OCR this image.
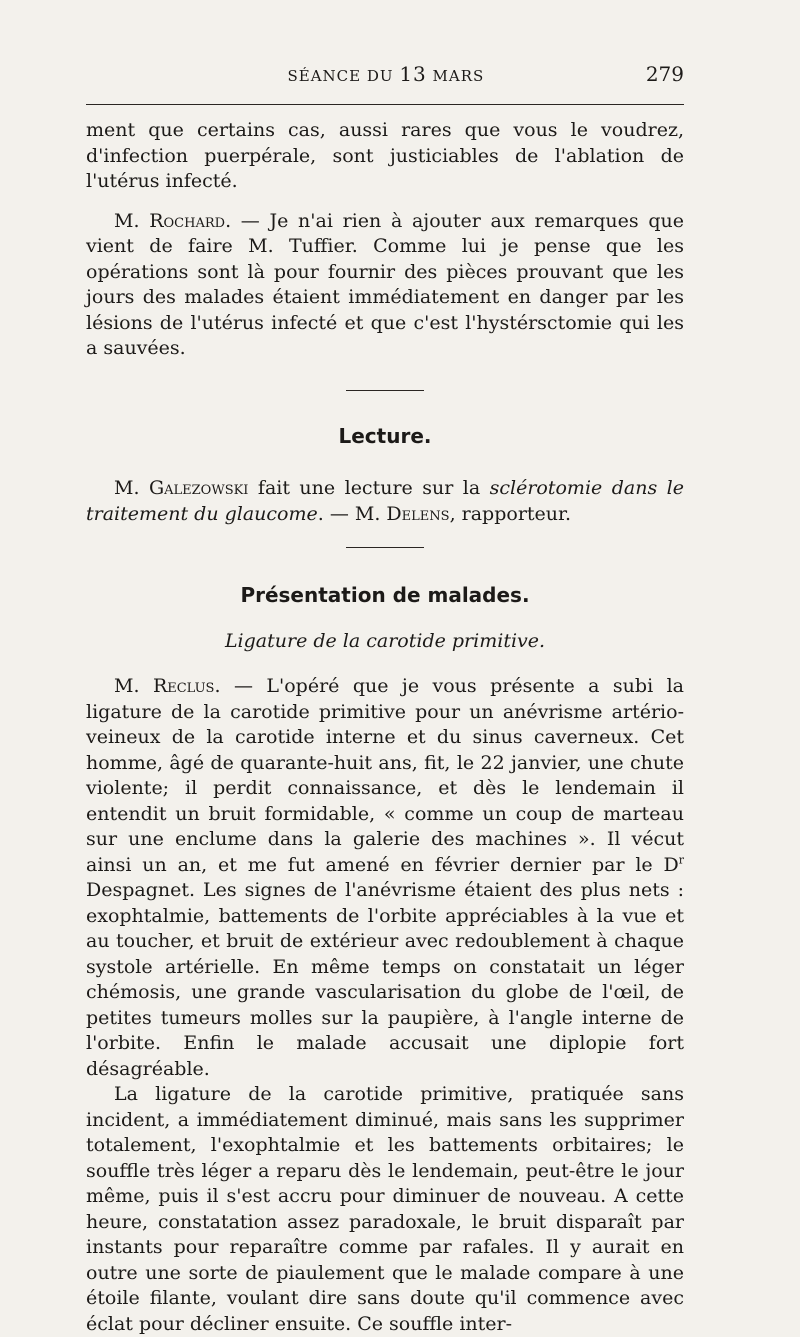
SÉANCE DU 13 MARS	279

ment que certains cas, aussi rares que vous le voudrez, d'infection puerpérale, sont justiciables de l'ablation de l'utérus infecté.

M. Rochard. — Je n'ai rien à ajouter aux remarques que vient de faire M. Tuffier. Comme lui je pense que les opérations sont là pour fournir des pièces prouvant que les jours des malades étaient immédiatement en danger par les lésions de l'utérus infecté et que c'est l'hystérsctomie qui les a sauvées.

Lecture.

M. Galezowski fait une lecture sur la sclérotomie dans le traitement du glaucome. — M. Delens, rapporteur.

Présentation de malades.

Ligature de la carotide primitive.

M. Reclus. — L'opéré que je vous présente a subi la ligature de la carotide primitive pour un anévrisme artério-veineux de la carotide interne et du sinus caverneux. Cet homme, âgé de quarante-huit ans, fit, le 22 janvier, une chute violente; il perdit connaissance, et dès le lendemain il entendit un bruit formidable, « comme un coup de marteau sur une enclume dans la galerie des machines ». Il vécut ainsi un an, et me fut amené en février dernier par le $D^r$ Despagnet. Les signes de l'anévrisme étaient des plus nets : exophtalmie, battements de l'orbite appréciables à la vue et au toucher, et bruit de extérieur avec redoublement à chaque systole artérielle. En même temps on constatait un léger chémosis, une grande vascularisation du globe de l'œil, de petites tumeurs molles sur la paupière, à l'angle interne de l'orbite. Enfin le malade accusait une diplopie fort désagréable.

La ligature de la carotide primitive, pratiquée sans incident, a immédiatement diminué, mais sans les supprimer totalement, l'exophtalmie et les battements orbitaires; le souffle très léger a reparu dès le lendemain, peut-être le jour même, puis il s'est accru pour diminuer de nouveau. A cette heure, constatation assez paradoxale, le bruit disparaît par instants pour reparaître comme par rafales. Il y aurait en outre une sorte de piaulement que le malade compare à une étoile filante, voulant dire sans doute qu'il commence avec éclat pour décliner ensuite. Ce souffle inter-
